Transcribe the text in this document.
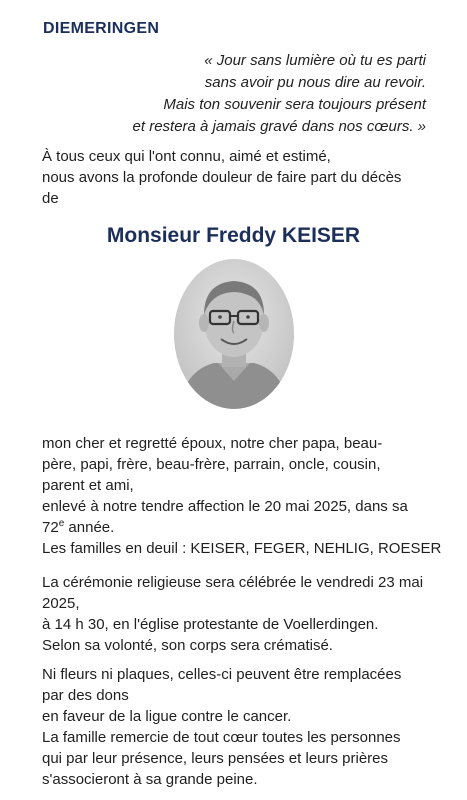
DIEMERINGEN
« Jour sans lumière où tu es parti
sans avoir pu nous dire au revoir.
Mais ton souvenir sera toujours présent
et restera à jamais gravé dans nos cœurs. »
À tous ceux qui l'ont connu, aimé et estimé,
nous avons la profonde douleur de faire part du décès
de
Monsieur Freddy KEISER
mon cher et regretté époux, notre cher papa, beau-
père, papi, frère, beau-frère, parrain, oncle, cousin,
parent et ami,
enlevé à notre tendre affection le 20 mai 2025, dans sa
72e année.
Les familles en deuil : KEISER, FEGER, NEHLIG, ROESER
La cérémonie religieuse sera célébrée le vendredi 23 mai
2025,
à 14 h 30, en l'église protestante de Voellerdingen.
Selon sa volonté, son corps sera crématisé.
Ni fleurs ni plaques, celles-ci peuvent être remplacées
par des dons
en faveur de la ligue contre le cancer.
La famille remercie de tout cœur toutes les personnes
qui par leur présence, leurs pensées et leurs prières
s'associeront à sa grande peine.
